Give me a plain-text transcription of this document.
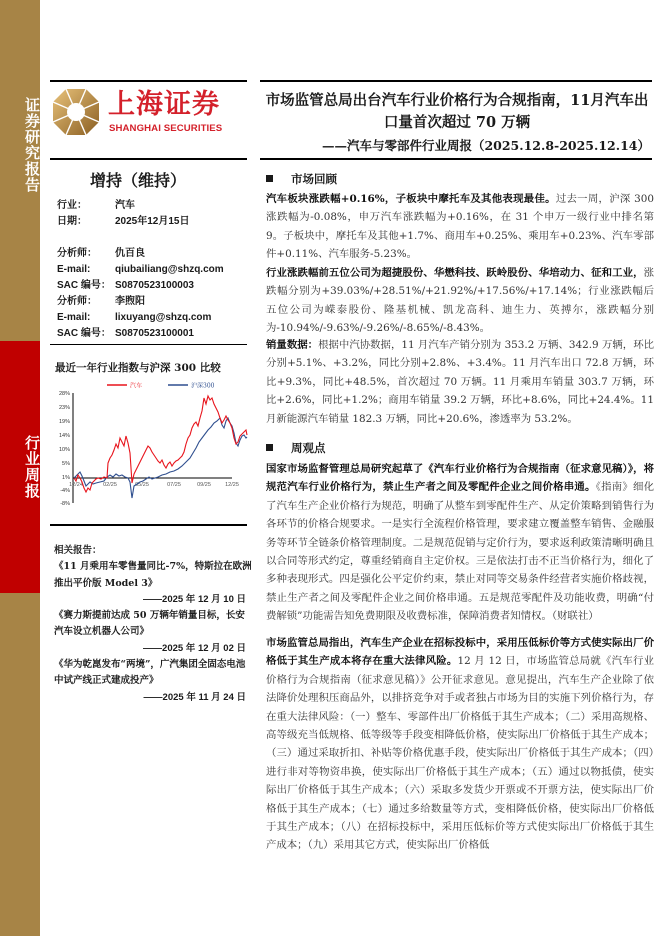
证券研究报告
行业周报
上海证券
SHANGHAI SECURITIES
增持（维持）
行业：	汽车
日期：	2025年12月15日
分析师： 仇百良
E-mail: qiubailiang@shzq.com
SAC 编号： S0870523100003
分析师： 李煦阳
E-mail: lixuyang@shzq.com
SAC 编号： S0870523100001
最近一年行业指数与沪深 300 比较
汽车	沪深300
28%
23%
19%
14%
10%
5%
1%
-4%
-8%
12/24	02/25	05/25	07/25	09/25	12/25
相关报告：
《11 月乘用车零售量同比-7%，特斯拉在欧洲推出平价版 Model 3》
——2025 年 12 月 10 日
《赛力斯提前达成 50 万辆年销量目标，长安汽车设立机器人公司》
——2025 年 12 月 02 日
《华为乾崑发布“两境”，广汽集团全固态电池中试产线正式建成投产》
——2025 年 11 月 24 日
市场监管总局出台汽车行业价格行为合规指南，11月汽车出口量首次超过 70 万辆
——汽车与零部件行业周报（2025.12.8-2025.12.14）
市场回顾
汽车板块涨跌幅+0.16%，子板块中摩托车及其他表现最佳。过去一周，沪深 300 涨跌幅为-0.08%，申万汽车涨跌幅为+0.16%，在 31 个申万一级行业中排名第 9。子板块中，摩托车及其他+1.7%、商用车+0.25%、乘用车+0.23%、汽车零部件+0.11%、汽车服务-5.23%。
行业涨跌幅前五位公司为超捷股份、华懋科技、跃岭股份、华培动力、征和工业，涨跌幅分别为+39.03%/+28.51%/+21.92%/+17.56%/+17.14%；行业涨跌幅后五位公司为嵘泰股份、隆基机械、凯龙高科、迪生力、英搏尔，涨跌幅分别为-10.94%/-9.63%/-9.26%/-8.65%/-8.43%。
销量数据：根据中汽协数据，11 月汽车产销分别为 353.2 万辆、342.9 万辆，环比分别+5.1%、+3.2%，同比分别+2.8%、+3.4%。11 月汽车出口 72.8 万辆，环比+9.3%，同比+48.5%，首次超过 70 万辆。11 月乘用车销量 303.7 万辆，环比+2.6%，同比+1.2%；商用车销量 39.2 万辆，环比+8.6%，同比+24.4%。11 月新能源汽车销量 182.3 万辆，同比+20.6%，渗透率为 53.2%。
周观点
国家市场监督管理总局研究起草了《汽车行业价格行为合规指南（征求意见稿）》，将规范汽车行业价格行为，禁止生产者之间及零配件企业之间价格串通。《指南》细化了汽车生产企业价格行为规范，明确了从整车到零配件生产、从定价策略到销售行为各环节的价格合规要求。一是实行全流程价格管理，要求建立覆盖整车销售、金融服务等环节全链条价格管理制度。二是规范促销与定价行为，要求返利政策清晰明确且以合同等形式约定，尊重经销商自主定价权。三是依法打击不正当价格行为，细化了多种表现形式。四是强化公平定价约束，禁止对同等交易条件经营者实施价格歧视，禁止生产者之间及零配件企业之间价格串通。五是规范零配件及功能收费，明确“付费解锁”功能需告知免费期限及收费标准，保障消费者知情权。（财联社）
市场监管总局指出，汽车生产企业在招标投标中，采用压低标价等方式使实际出厂价格低于其生产成本将存在重大法律风险。12 月 12 日，市场监管总局就《汽车行业价格行为合规指南（征求意见稿）》公开征求意见。意见提出，汽车生产企业除了依法降价处理积压商品外，以排挤竞争对手或者独占市场为目的实施下列价格行为，存在重大法律风险：（一）整车、零部件出厂价格低于其生产成本；（二）采用高规格、高等级充当低规格、低等级等手段变相降低价格，使实际出厂价格低于其生产成本；（三）通过采取折扣、补贴等价格优惠手段，使实际出厂价格低于其生产成本；（四）进行非对等物资串换，使实际出厂价格低于其生产成本；（五）通过以物抵债，使实际出厂价格低于其生产成本；（六）采取多发货少开票或不开票方法，使实际出厂价格低于其生产成本；（七）通过多给数量等方式，变相降低价格，使实际出厂价格低于其生产成本；（八）在招标投标中，采用压低标价等方式使实际出厂价格低于其生产成本；（九）采用其它方式，使实际出厂价格低
